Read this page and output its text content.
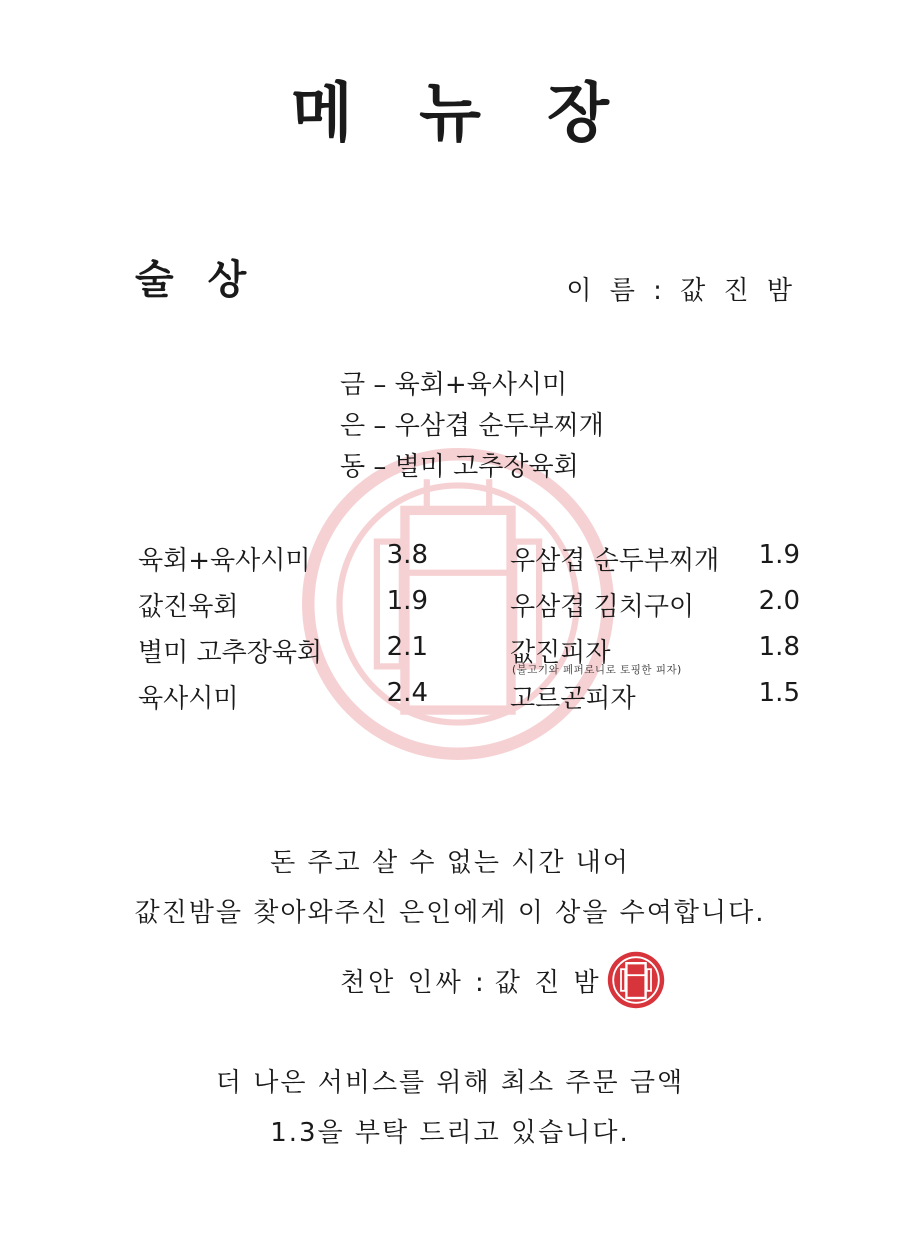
메 뉴 장
술 상	이 름 : 값 진 밤
금 – 육회+육사시미
은 – 우삼겹 순두부찌개
동 – 별미 고추장육회
육회+육사시미	3.8
값진육회	1.9
별미 고추장육회 2.1
육사시미	2.4
우삼겹 순두부찌개 1.9
우삼겹 김치구이 2.0
값진피자	1.8
(불고기와 페퍼로니로 토핑한 피자)
고르곤피자	1.5
돈 주고 살 수 없는 시간 내어
값진밤을 찾아와주신 은인에게 이 상을 수여합니다.
천안 인싸 : 값 진 밤
더 나은 서비스를 위해 최소 주문 금액
1.3을 부탁 드리고 있습니다.
